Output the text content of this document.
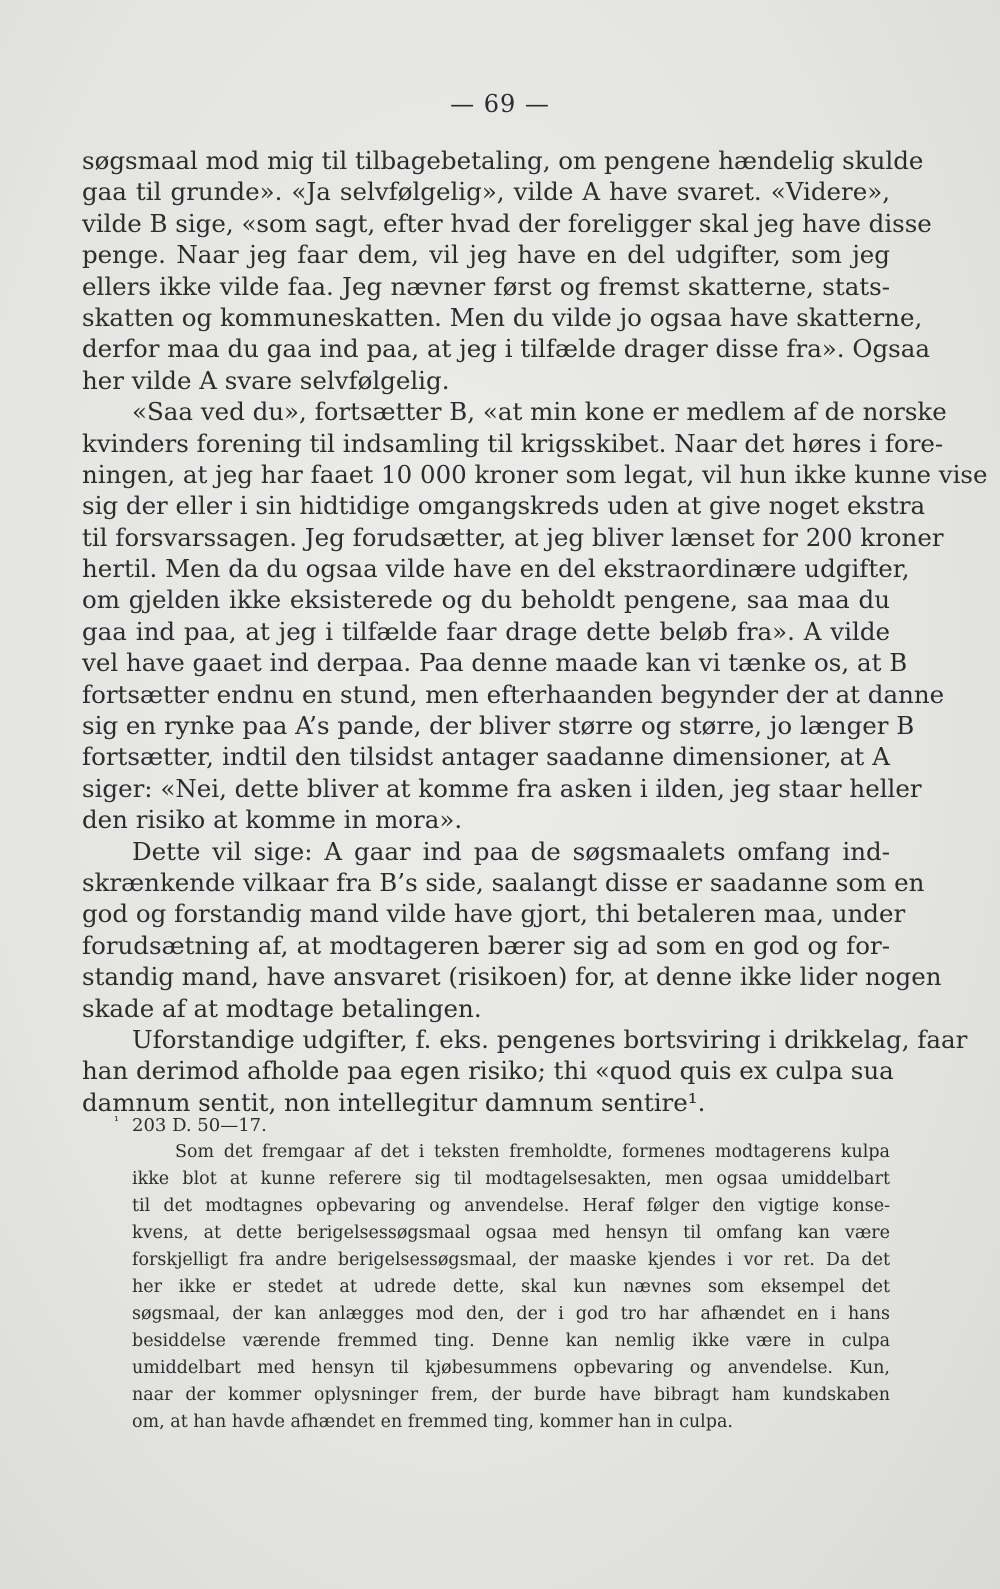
— 69 —
søgsmaal mod mig til tilbagebetaling, om pengene hændelig skulde
gaa til grunde». «Ja selvfølgelig», vilde A have svaret. «Videre»,
vilde B sige, «som sagt, efter hvad der foreligger skal jeg have disse
penge. Naar jeg faar dem, vil jeg have en del udgifter, som jeg
ellers ikke vilde faa. Jeg nævner først og fremst skatterne, stats-
skatten og kommuneskatten. Men du vilde jo ogsaa have skatterne,
derfor maa du gaa ind paa, at jeg i tilfælde drager disse fra». Ogsaa
her vilde A svare selvfølgelig.
«Saa ved du», fortsætter B, «at min kone er medlem af de norske
kvinders forening til indsamling til krigsskibet. Naar det høres i fore-
ningen, at jeg har faaet 10 000 kroner som legat, vil hun ikke kunne vise
sig der eller i sin hidtidige omgangskreds uden at give noget ekstra
til forsvarssagen. Jeg forudsætter, at jeg bliver lænset for 200 kroner
hertil. Men da du ogsaa vilde have en del ekstraordinære udgifter,
om gjelden ikke eksisterede og du beholdt pengene, saa maa du
gaa ind paa, at jeg i tilfælde faar drage dette beløb fra». A vilde
vel have gaaet ind derpaa. Paa denne maade kan vi tænke os, at B
fortsætter endnu en stund, men efterhaanden begynder der at danne
sig en rynke paa A’s pande, der bliver større og større, jo længer B
fortsætter, indtil den tilsidst antager saadanne dimensioner, at A
siger: «Nei, dette bliver at komme fra asken i ilden, jeg staar heller
den risiko at komme in mora».
Dette vil sige: A gaar ind paa de søgsmaalets omfang ind-
skrænkende vilkaar fra B’s side, saalangt disse er saadanne som en
god og forstandig mand vilde have gjort, thi betaleren maa, under
forudsætning af, at modtageren bærer sig ad som en god og for-
standig mand, have ansvaret (risikoen) for, at denne ikke lider nogen
skade af at modtage betalingen.
Uforstandige udgifter, f. eks. pengenes bortsviring i drikkelag, faar
han derimod afholde paa egen risiko; thi «quod quis ex culpa sua
damnum sentit, non intellegitur damnum sentire¹.
¹ 203 D. 50—17.
Som det fremgaar af det i teksten fremholdte, formenes modtagerens kulpa
ikke blot at kunne referere sig til modtagelsesakten, men ogsaa umiddelbart
til det modtagnes opbevaring og anvendelse. Heraf følger den vigtige konse-
kvens, at dette berigelsessøgsmaal ogsaa med hensyn til omfang kan være
forskjelligt fra andre berigelsessøgsmaal, der maaske kjendes i vor ret. Da det
her ikke er stedet at udrede dette, skal kun nævnes som eksempel det
søgsmaal, der kan anlægges mod den, der i god tro har afhændet en i hans
besiddelse værende fremmed ting. Denne kan nemlig ikke være in culpa
umiddelbart med hensyn til kjøbesummens opbevaring og anvendelse. Kun,
naar der kommer oplysninger frem, der burde have bibragt ham kundskaben
om, at han havde afhændet en fremmed ting, kommer han in culpa.
